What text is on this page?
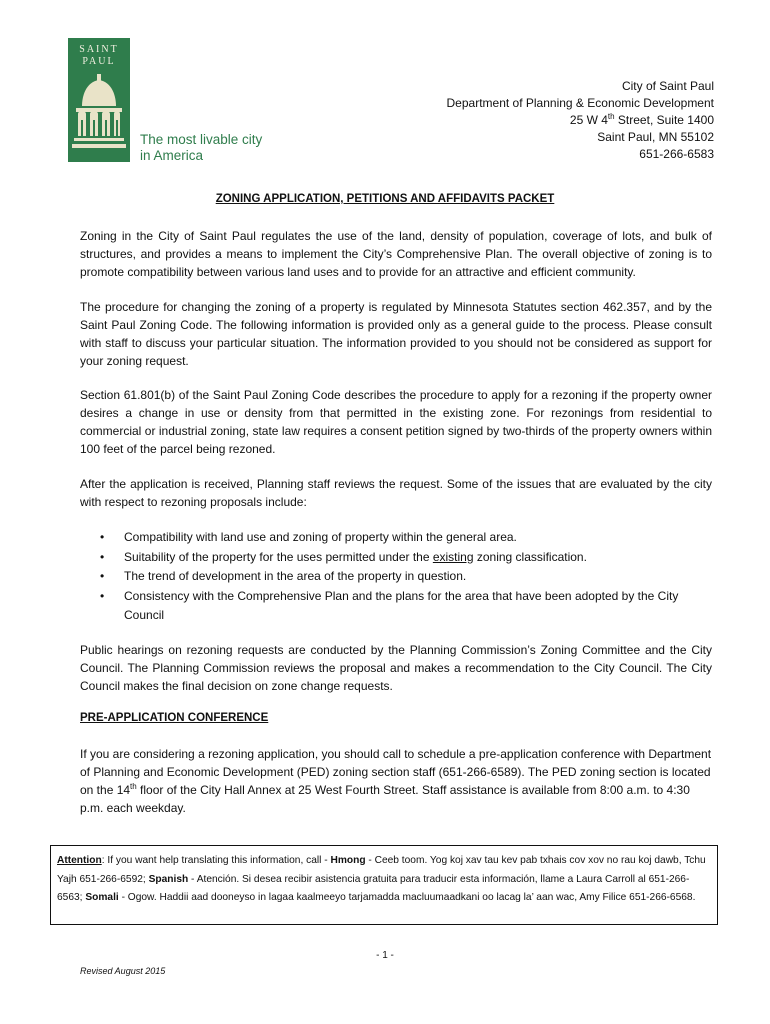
SAINT
PAUL
The most livable city
in America
City of Saint Paul
Department of Planning & Economic Development
25 W 4th Street, Suite 1400
Saint Paul, MN 55102
651-266-6583
ZONING APPLICATION, PETITIONS AND AFFIDAVITS PACKET
Zoning in the City of Saint Paul regulates the use of the land, density of population, coverage of lots, and bulk of structures, and provides a means to implement the City’s Comprehensive Plan. The overall objective of zoning is to promote compatibility between various land uses and to provide for an attractive and efficient community.
The procedure for changing the zoning of a property is regulated by Minnesota Statutes section 462.357, and by the Saint Paul Zoning Code. The following information is provided only as a general guide to the process. Please consult with staff to discuss your particular situation. The information provided to you should not be considered as support for your zoning request.
Section 61.801(b) of the Saint Paul Zoning Code describes the procedure to apply for a rezoning if the property owner desires a change in use or density from that permitted in the existing zone. For rezonings from residential to commercial or industrial zoning, state law requires a consent petition signed by two-thirds of the property owners within 100 feet of the parcel being rezoned.
After the application is received, Planning staff reviews the request. Some of the issues that are evaluated by the city with respect to rezoning proposals include:
• Compatibility with land use and zoning of property within the general area.
• Suitability of the property for the uses permitted under the existing zoning classification.
• The trend of development in the area of the property in question.
• Consistency with the Comprehensive Plan and the plans for the area that have been adopted by the City Council
Public hearings on rezoning requests are conducted by the Planning Commission’s Zoning Committee and the City Council. The Planning Commission reviews the proposal and makes a recommendation to the City Council. The City Council makes the final decision on zone change requests.
PRE-APPLICATION CONFERENCE
If you are considering a rezoning application, you should call to schedule a pre-application conference with Department of Planning and Economic Development (PED) zoning section staff (651-266-6589). The PED zoning section is located on the 14th floor of the City Hall Annex at 25 West Fourth Street. Staff assistance is available from 8:00 a.m. to 4:30 p.m. each weekday.
Attention: If you want help translating this information, call - Hmong - Ceeb toom. Yog koj xav tau kev pab txhais cov xov no rau koj dawb, Tchu Yajh 651-266-6592; Spanish - Atención. Si desea recibir asistencia gratuita para traducir esta información, llame a Laura Carroll al 651-266-6563; Somali - Ogow. Haddii aad dooneyso in lagaa kaalmeeyo tarjamadda macluumaadkani oo lacag la’ aan wac, Amy Filice 651-266-6568.
- 1 -
Revised August 2015
